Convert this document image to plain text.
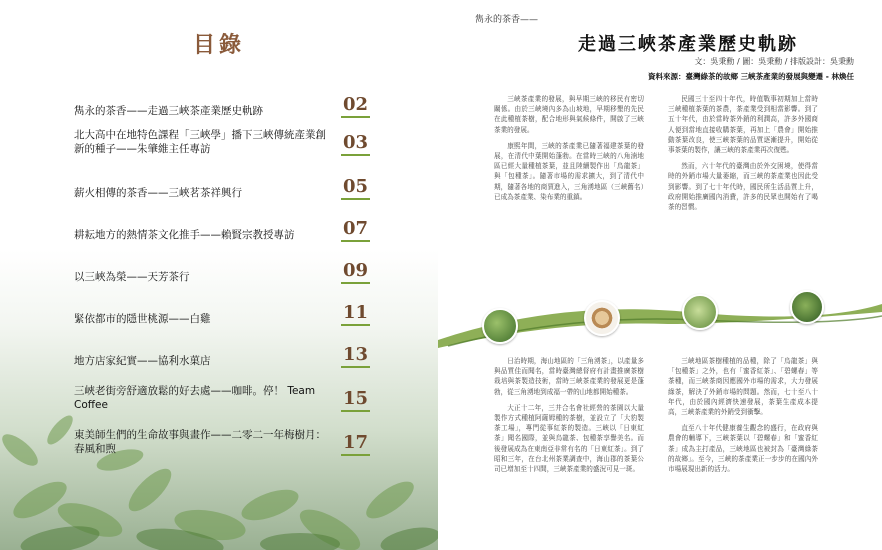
目錄
雋永的茶香——走過三峽茶產業歷史軌跡	02
北大高中在地特色課程「三峽學」播下三峽傳統產業創新的種子——朱肇維主任專訪	03
薪火相傳的茶香——三峽茗茶祥興行	05
耕耘地方的熱情茶文化推手——賴賢宗教授專訪	07
以三峽為榮——天芳茶行	09
緊依都市的隱世桃源——白雞	11
地方店家紀實——協利水菓店	13
三峽老街旁舒適放鬆的好去處——咖啡。停！ Team Coffee	15
東美師生們的生命故事與畫作——二零二一年梅樹月：春風和煦	17
雋永的茶香——
走過三峽茶產業歷史軌跡
文：吳秉勳 / 圖：吳秉勳 / 排版設計：吳秉勳
資料來源：臺灣綠茶的故鄉 三峽茶產業的發展與變遷 - 林煥任

三峽茶產業的發展，與早期三峽的移民有密切關係。由於三峽境內多為山坡地，早期移墾的先民在此種植茶樹，配合地形與氣候條件，開啟了三峽茶業的發展。

康熙年間，三峽的茶產業已隨著福建茶葉的發展，在清代中葉開始蓬勃。在當時三峽的八角湳地區已經大量種植茶葉，並且陸續製作出「烏龍茶」與「包種茶」。隨著市場的需求擴大，到了清代中期，隨著各地的商賈進入，三角湧地區（三峽舊名）已成為茶產業、染布業的重鎮。

民國三十至四十年代，時值戰事初期加上當時三峽種植茶葉的茶農，茶產業受到相當影響。到了五十年代，由於當時茶外銷的利潤高，許多外國商人便到當地直接收購茶葉，再加上「農會」開始推動茶葉改良，使三峽茶葉的品質逐漸提升，開始從事茶葉的製作，讓三峽的茶產業再次復甦。

然而，六十年代的臺灣由於外交困境，使得當時的外銷市場大量萎縮，而三峽的茶產業也因此受到影響。到了七十年代時，國民所生活品質上升，政府開始推廣國內消費，許多的民眾也開始有了喝茶的習慣。

日治時期，海山地區的「三角湧茶」，以產量多與品質佳而聞名，當時臺灣總督府有計畫推廣茶樹栽培與茶製造技術，當時三峽茶產業的發展更是蓬勃，從三角湧地到成福一帶的山地都開始種茶。

大正十二年，三井合名會社經營的茶園以大量製作方式種植阿薩姆種的茶樹，並設立了「大豹製茶工場」，專門從事紅茶的製造。三峽以「日東紅茶」聞名國際，並與烏龍茶、包種茶享譽美名。而後發展成為在東南亞非常有名的「日東紅茶」。到了昭和三年，在台北州茶業調查中，海山郡的茶葉公司已增加至十四間，三峽茶產業的盛況可見一斑。

三峽地區茶樹種植的品種，除了「烏龍茶」與「包種茶」之外，也有「蜜香紅茶」、「碧螺春」等茶種，而三峽茶商因應國外市場的需求，大力發展綠茶，解決了外銷市場的問題。然而，七十至八十年代，由於國內經濟快速發展，茶葉生產成本提高，三峽茶產業的外銷受到衝擊。

直至八十年代健康養生觀念的盛行，在政府與農會的輔導下，三峽茶葉以「碧螺春」和「蜜香紅茶」成為主打產品，三峽地區也被封為「臺灣綠茶的故鄉」。至今，三峽的茶產業正一步步的在國內外市場展現出新的活力。
